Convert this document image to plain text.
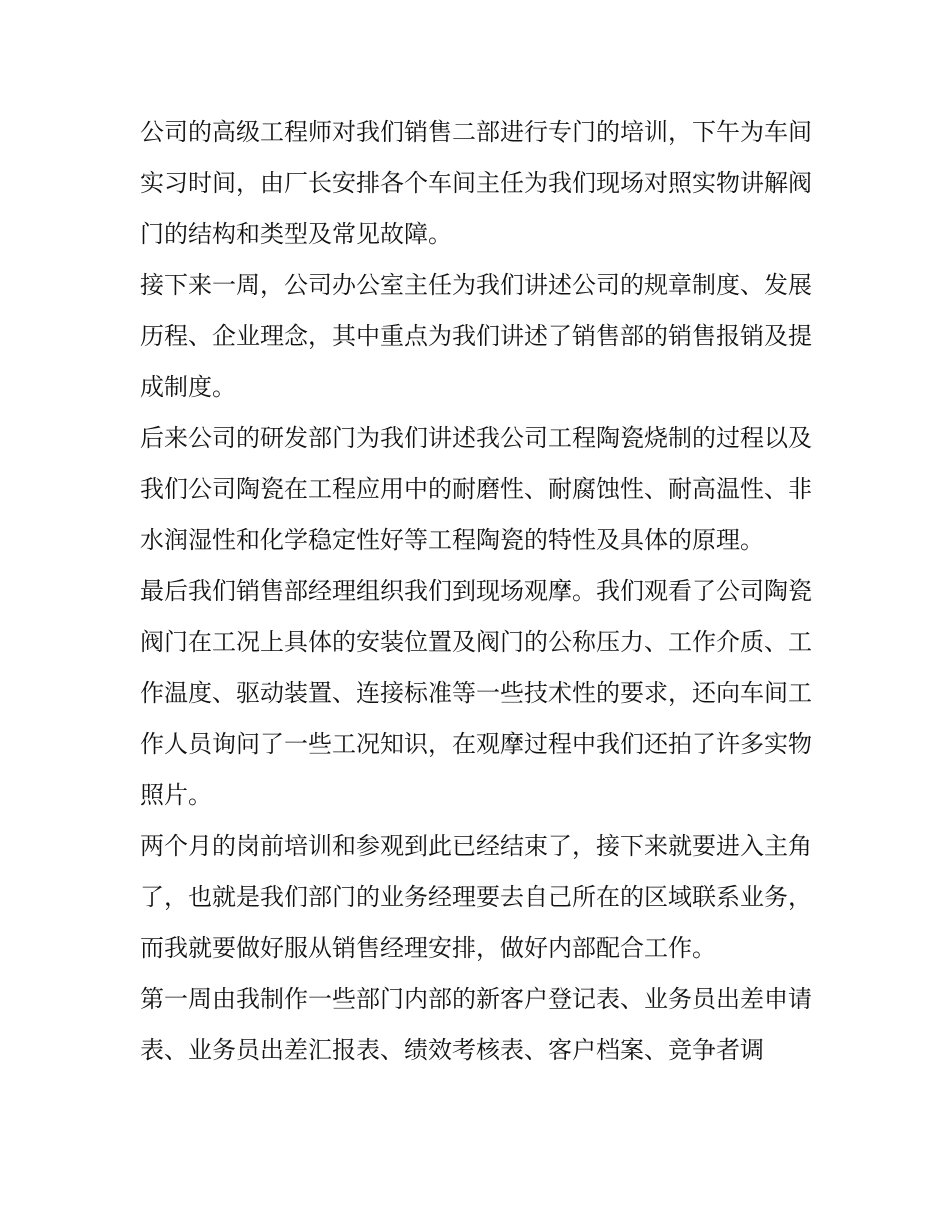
公司的高级工程师对我们销售二部进行专门的培训，下午为车间实习时间，由厂长安排各个车间主任为我们现场对照实物讲解阀门的结构和类型及常见故障。

接下来一周，公司办公室主任为我们讲述公司的规章制度、发展历程、企业理念，其中重点为我们讲述了销售部的销售报销及提成制度。

后来公司的研发部门为我们讲述我公司工程陶瓷烧制的过程以及我们公司陶瓷在工程应用中的耐磨性、耐腐蚀性、耐高温性、非水润湿性和化学稳定性好等工程陶瓷的特性及具体的原理。

最后我们销售部经理组织我们到现场观摩。我们观看了公司陶瓷阀门在工况上具体的安装位置及阀门的公称压力、工作介质、工作温度、驱动装置、连接标准等一些技术性的要求，还向车间工作人员询问了一些工况知识，在观摩过程中我们还拍了许多实物照片。

两个月的岗前培训和参观到此已经结束了，接下来就要进入主角了，也就是我们部门的业务经理要去自己所在的区域联系业务，而我就要做好服从销售经理安排，做好内部配合工作。

第一周由我制作一些部门内部的新客户登记表、业务员出差申请表、业务员出差汇报表、绩效考核表、客户档案、竞争者调
